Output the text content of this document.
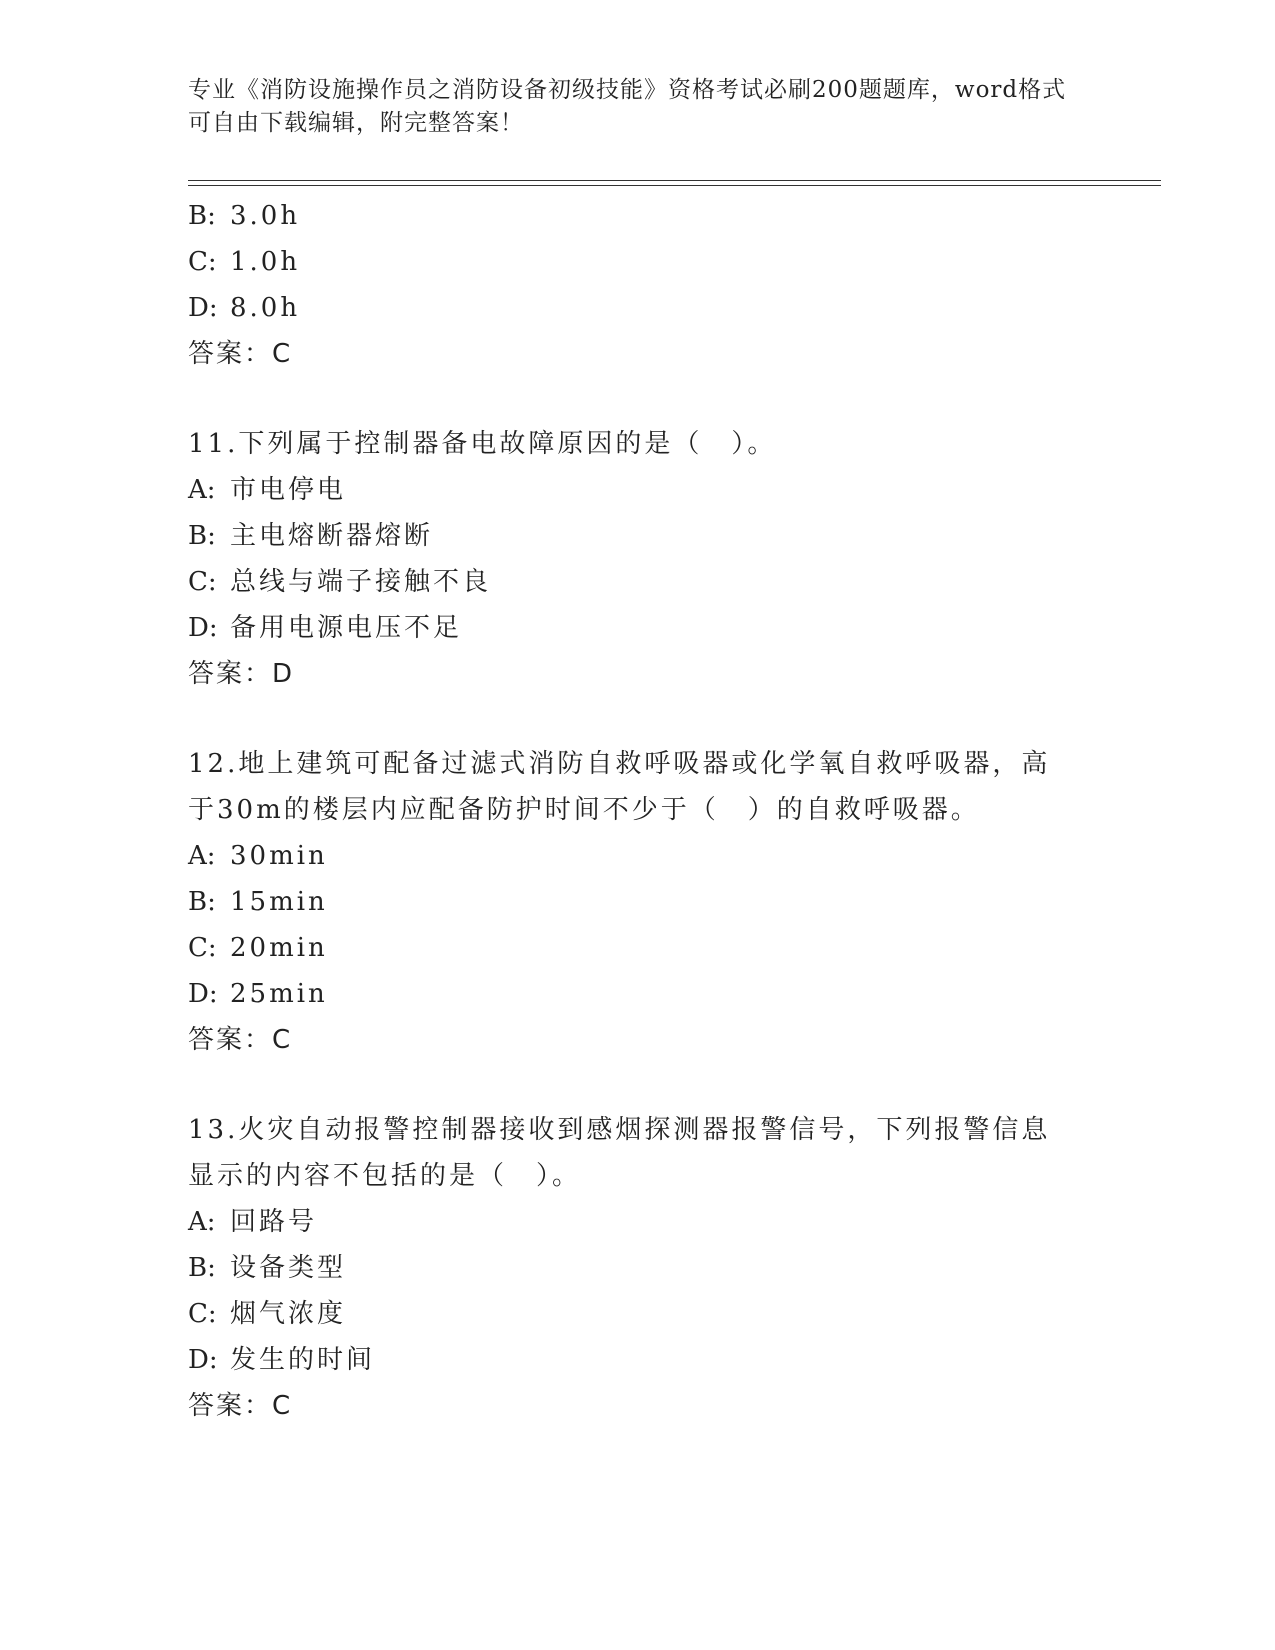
专业《消防设施操作员之消防设备初级技能》资格考试必刷200题题库，word格式可自由下载编辑，附完整答案！
B: 3.0h
C: 1.0h
D: 8.0h
答案：C
11.下列属于控制器备电故障原因的是（　）。
A: 市电停电
B: 主电熔断器熔断
C: 总线与端子接触不良
D: 备用电源电压不足
答案：D
12.地上建筑可配备过滤式消防自救呼吸器或化学氧自救呼吸器，高于30m的楼层内应配备防护时间不少于（　）的自救呼吸器。
A: 30min
B: 15min
C: 20min
D: 25min
答案：C
13.火灾自动报警控制器接收到感烟探测器报警信号，下列报警信息显示的内容不包括的是（　）。
A: 回路号
B: 设备类型
C: 烟气浓度
D: 发生的时间
答案：C
